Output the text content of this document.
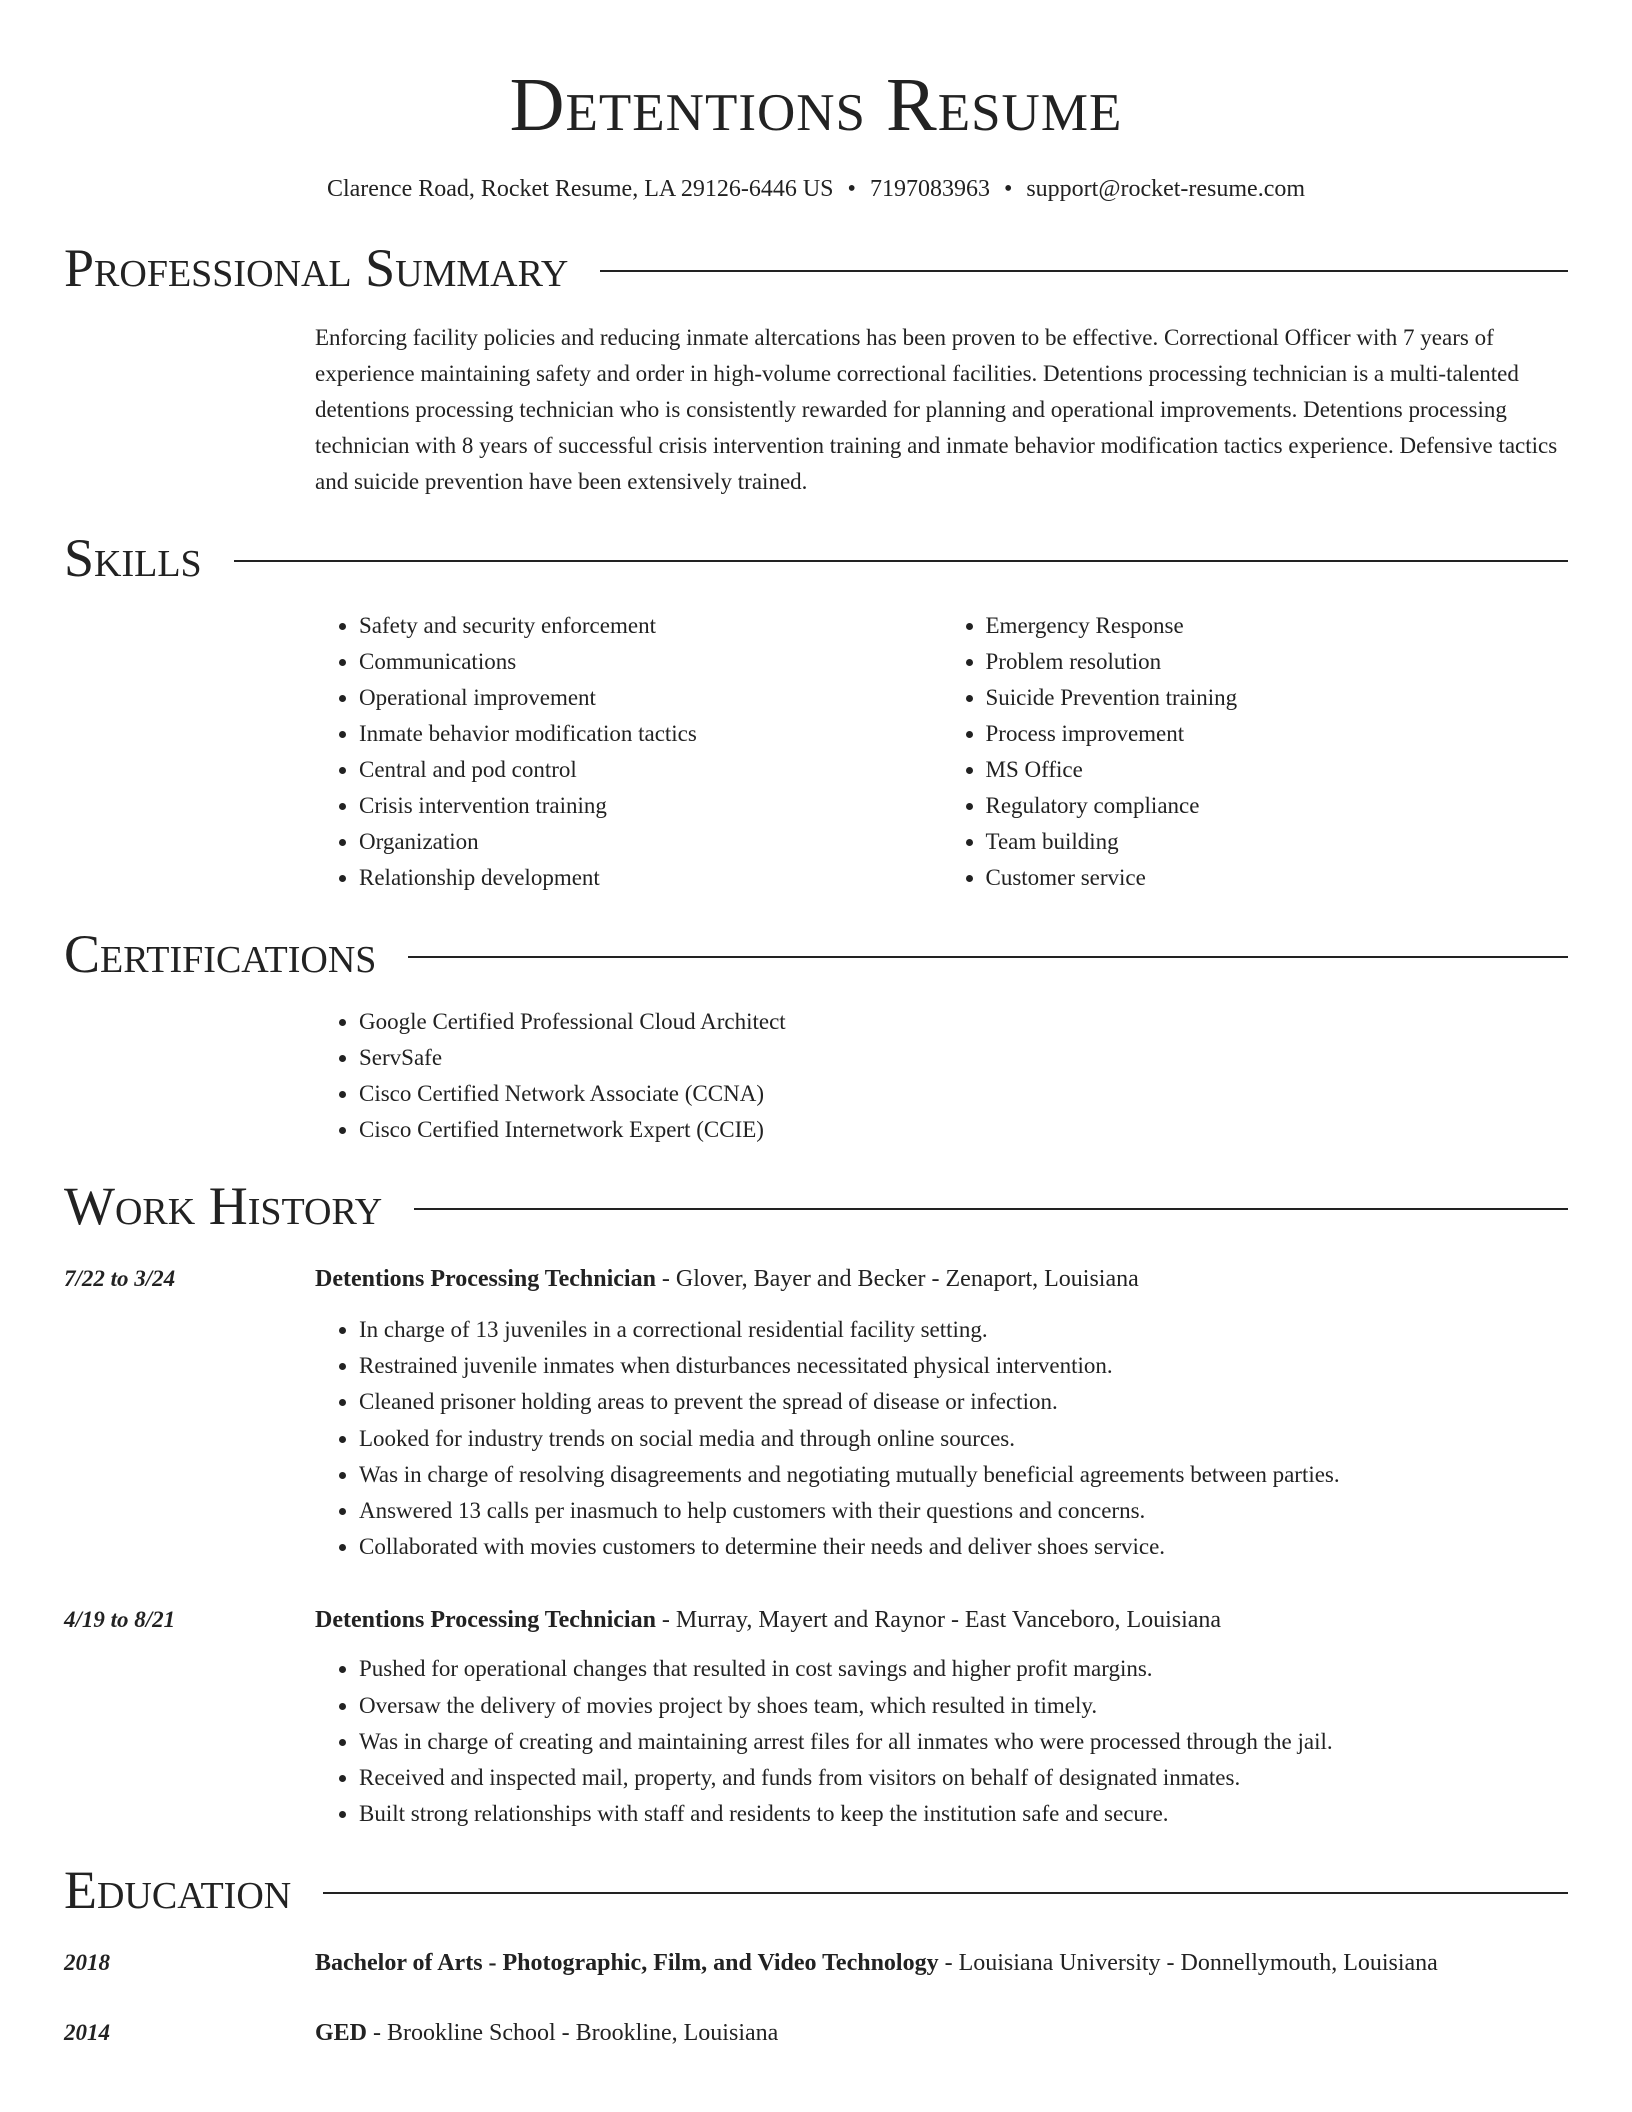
Detentions Resume
Clarence Road, Rocket Resume, LA 29126-6446 US • 7197083963 • support@rocket-resume.com
Professional Summary

Enforcing facility policies and reducing inmate altercations has been proven to be effective. Correctional Officer with 7 years of experience maintaining safety and order in high-volume correctional facilities. Detentions processing technician is a multi-talented detentions processing technician who is consistently rewarded for planning and operational improvements. Detentions processing technician with 8 years of successful crisis intervention training and inmate behavior modification tactics experience. Defensive tactics and suicide prevention have been extensively trained.

Skills
• Safety and security enforcement
• Communications
• Operational improvement
• Inmate behavior modification tactics
• Central and pod control
• Crisis intervention training
• Organization
• Relationship development
• Emergency Response
• Problem resolution
• Suicide Prevention training
• Process improvement
• MS Office
• Regulatory compliance
• Team building
• Customer service
Certifications
• Google Certified Professional Cloud Architect
• ServSafe
• Cisco Certified Network Associate (CCNA)
• Cisco Certified Internetwork Expert (CCIE)
Work History
7/22 to 3/24	Detentions Processing Technician - Glover, Bayer and Becker - Zenaport, Louisiana
• In charge of 13 juveniles in a correctional residential facility setting.
• Restrained juvenile inmates when disturbances necessitated physical intervention.
• Cleaned prisoner holding areas to prevent the spread of disease or infection.
• Looked for industry trends on social media and through online sources.
• Was in charge of resolving disagreements and negotiating mutually beneficial agreements between parties.
• Answered 13 calls per inasmuch to help customers with their questions and concerns.
• Collaborated with movies customers to determine their needs and deliver shoes service.
4/19 to 8/21	Detentions Processing Technician - Murray, Mayert and Raynor - East Vanceboro, Louisiana
• Pushed for operational changes that resulted in cost savings and higher profit margins.
• Oversaw the delivery of movies project by shoes team, which resulted in timely.
• Was in charge of creating and maintaining arrest files for all inmates who were processed through the jail.
• Received and inspected mail, property, and funds from visitors on behalf of designated inmates.
• Built strong relationships with staff and residents to keep the institution safe and secure.
Education
2018	Bachelor of Arts - Photographic, Film, and Video Technology - Louisiana University - Donnellymouth, Louisiana
2014	GED - Brookline School - Brookline, Louisiana
